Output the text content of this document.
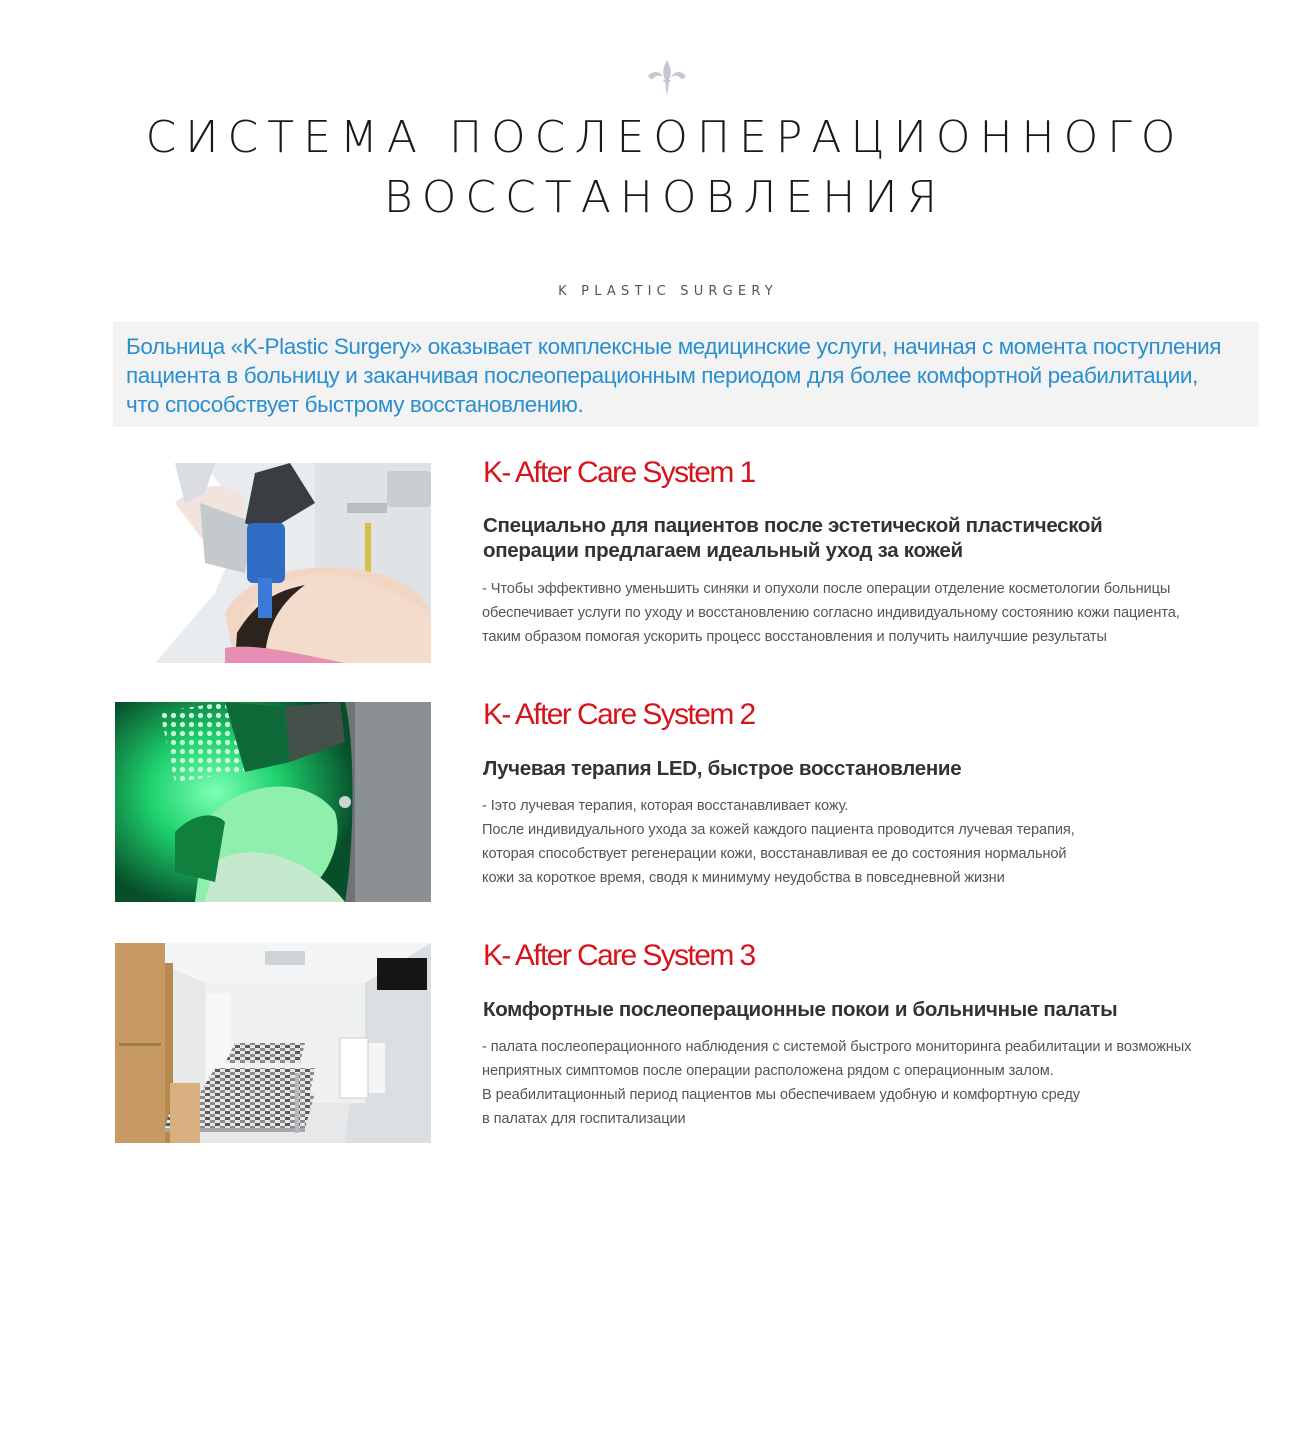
СИСТЕМА ПОСЛЕОПЕРАЦИОННОГО
ВОССТАНОВЛЕНИЯ
K PLASTIC SURGERY
Больница «K-Plastic Surgery» оказывает комплексные медицинские услуги, начиная с момента поступления
пациента в больницу и заканчивая послеоперационным периодом для более комфортной реабилитации,
что способствует быстрому восстановлению.
K- After Care System 1
Специально для пациентов после эстетической пластической
операции предлагаем идеальный уход за кожей
- Чтобы эффективно уменьшить синяки и опухоли после операции отделение косметологии больницы
обеспечивает услуги по уходу и восстановлению согласно индивидуальному состоянию кожи пациента,
таким образом помогая ускорить процесс восстановления и получить наилучшие результаты
K- After Care System 2
Лучевая терапия LED, быстрое восстановление
- Іэто лучевая терапия, которая восстанавливает кожу.
После индивидуального ухода за кожей каждого пациента проводится лучевая терапия,
которая способствует регенерации кожи, восстанавливая ее до состояния нормальной
кожи за короткое время, сводя к минимуму неудобства в повседневной жизни
K- After Care System 3
Комфортные послеоперационные покои и больничные палаты
- палата послеоперационного наблюдения с системой быстрого мониторинга реабилитации и возможных
неприятных симптомов после операции расположена рядом с операционным залом.
В реабилитационный период пациентов мы обеспечиваем удобную и комфортную среду
в палатах для госпитализации
